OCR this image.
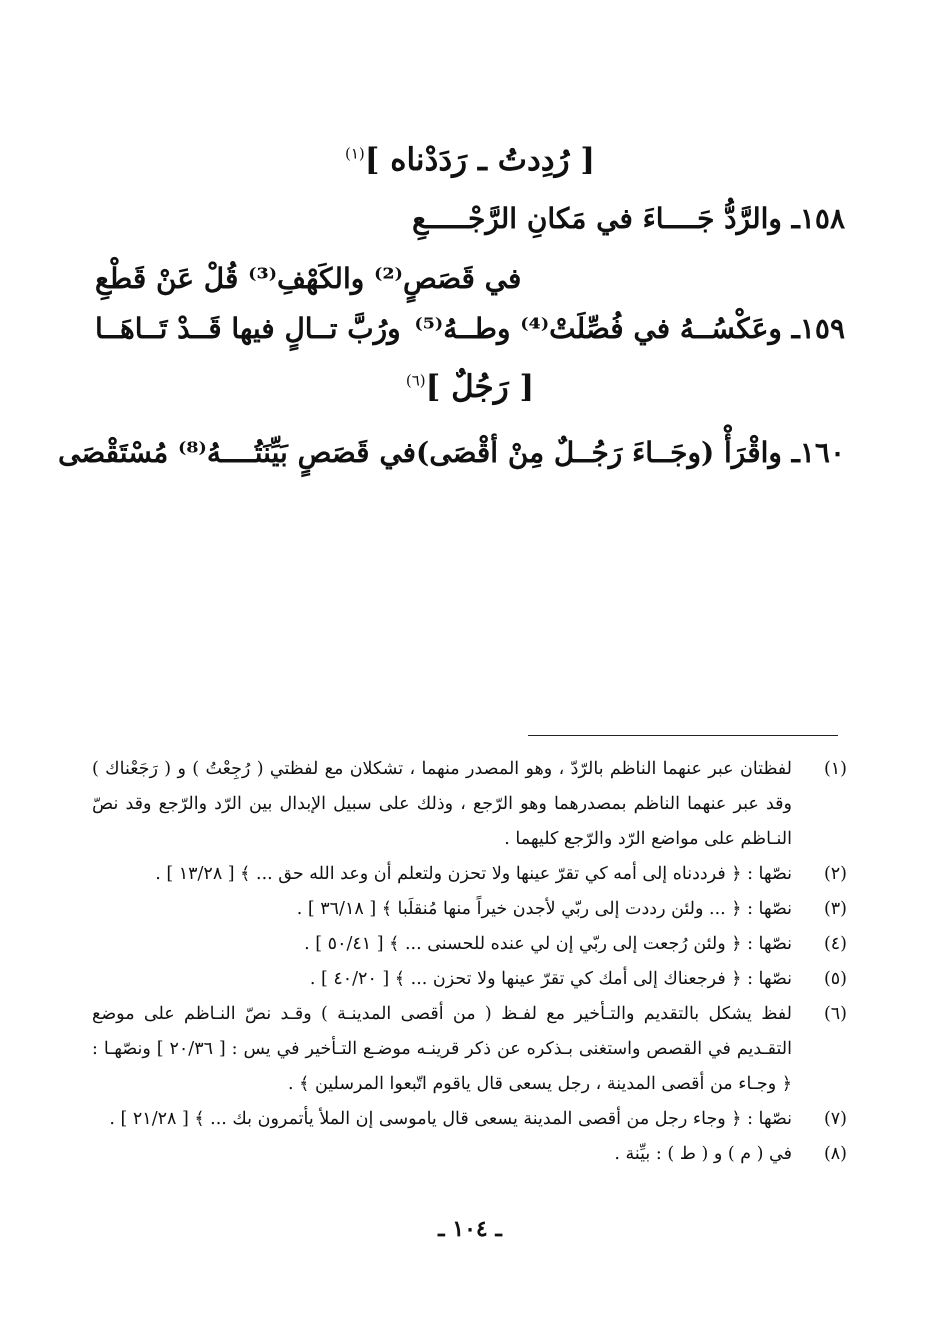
[ رُدِدتُ ـ رَدَدْناه ]$^{(١)}$
١٥٨ـ والرَّدُّ جَــــاءَ في مَكانِ الرَّجْـــــعِ
في قَصَصٍ⁽²⁾ والكَهْفِ⁽³⁾ قُلْ عَنْ قَطْعِ
١٥٩ـ وعَكْسُــهُ في فُصِّلَتْ⁽⁴⁾ وطــهُ⁽⁵⁾
ورُبَّ تــالٍ فيها قَــدْ تَــاهَــا
[ رَجُلٌ ]$^{(٦)}$
١٦٠ـ واقْرَأْ (وجَــاءَ رَجُــلٌ مِنْ أقْصَى)
في قَصَصٍ بَيِّنَتُــــهُ⁽⁸⁾ مُسْتَقْصَى
(١)
لفظتان عبر عنهما الناظم بالرّدّ ، وهو المصدر منهما ، تشكلان مع لفظتي ( رُجِعْتُ ) و ( رَجَعْناك ) وقد عبر عنهما الناظم بمصدرهما وهو الرّجع ، وذلك على سبيل الإبدال بين الرّد والرّجع وقد نصّ النـاظم على مواضع الرّد والرّجع كليهما .
(٢)
نصّها : ﴿ فرددناه إلى أمه كي تقرّ عينها ولا تحزن ولتعلم أن وعد الله حق ... ﴾ [ ١٣/٢٨ ] .
(٣)
نصّها : ﴿ ... ولئن رددت إلى ربّي لأجدن خيراً منها مُنقلَبا ﴾ [ ٣٦/١٨ ] .
(٤)
نصّها : ﴿ ولئن رُجعت إلى ربّي إن لي عنده للحسنى ... ﴾ [ ٥٠/٤١ ] .
(٥)
نصّها : ﴿ فرجعناك إلى أمك كي تقرّ عينها ولا تحزن ... ﴾ [ ٤٠/٢٠ ] .
(٦)
لفظ يشكل بالتقديم والتـأخير مع لفـظ ( من أقصى المدينـة ) وقـد نصّ النـاظم على موضع التقـديم في القصص واستغنى بـذكره عن ذكر قرينـه موضـع التـأخير في يس : [ ٢٠/٣٦ ] ونصّهـا : ﴿ وجـاء من أقصى المدينة ، رجل يسعى قال ياقوم اتّبعوا المرسلين ﴾ .
(٧)
نصّها : ﴿ وجاء رجل من أقصى المدينة يسعى قال ياموسى إن الملأ يأتمرون بك ... ﴾ [ ٢١/٢٨ ] .
(٨)
في ( م ) و ( ط ) : بيِّنة .
ـ ١٠٤ ـ
